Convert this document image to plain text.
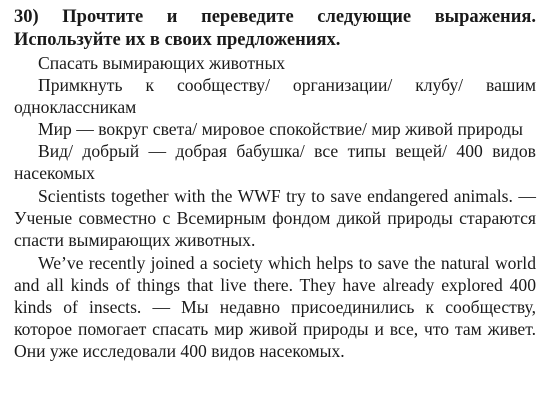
30) Прочтите и переведите следующие выражения. Используйте их в своих предложениях.

Спасать вымирающих животных

Примкнуть к сообществу/ организации/ клубу/ вашим одноклассникам

Мир — вокруг света/ мировое спокойствие/ мир живой природы

Вид/ добрый — добрая бабушка/ все типы вещей/ 400 видов насекомых

Scientists together with the WWF try to save endangered animals. — Ученые совместно с Всемирным фондом дикой природы стараются спасти вымирающих животных.

We’ve recently joined a society which helps to save the natural world and all kinds of things that live there. They have already explored 400 kinds of insects. — Мы недавно присоединились к сообществу, которое помогает спасать мир живой природы и все, что там живет. Они уже исследовали 400 видов насекомых.
